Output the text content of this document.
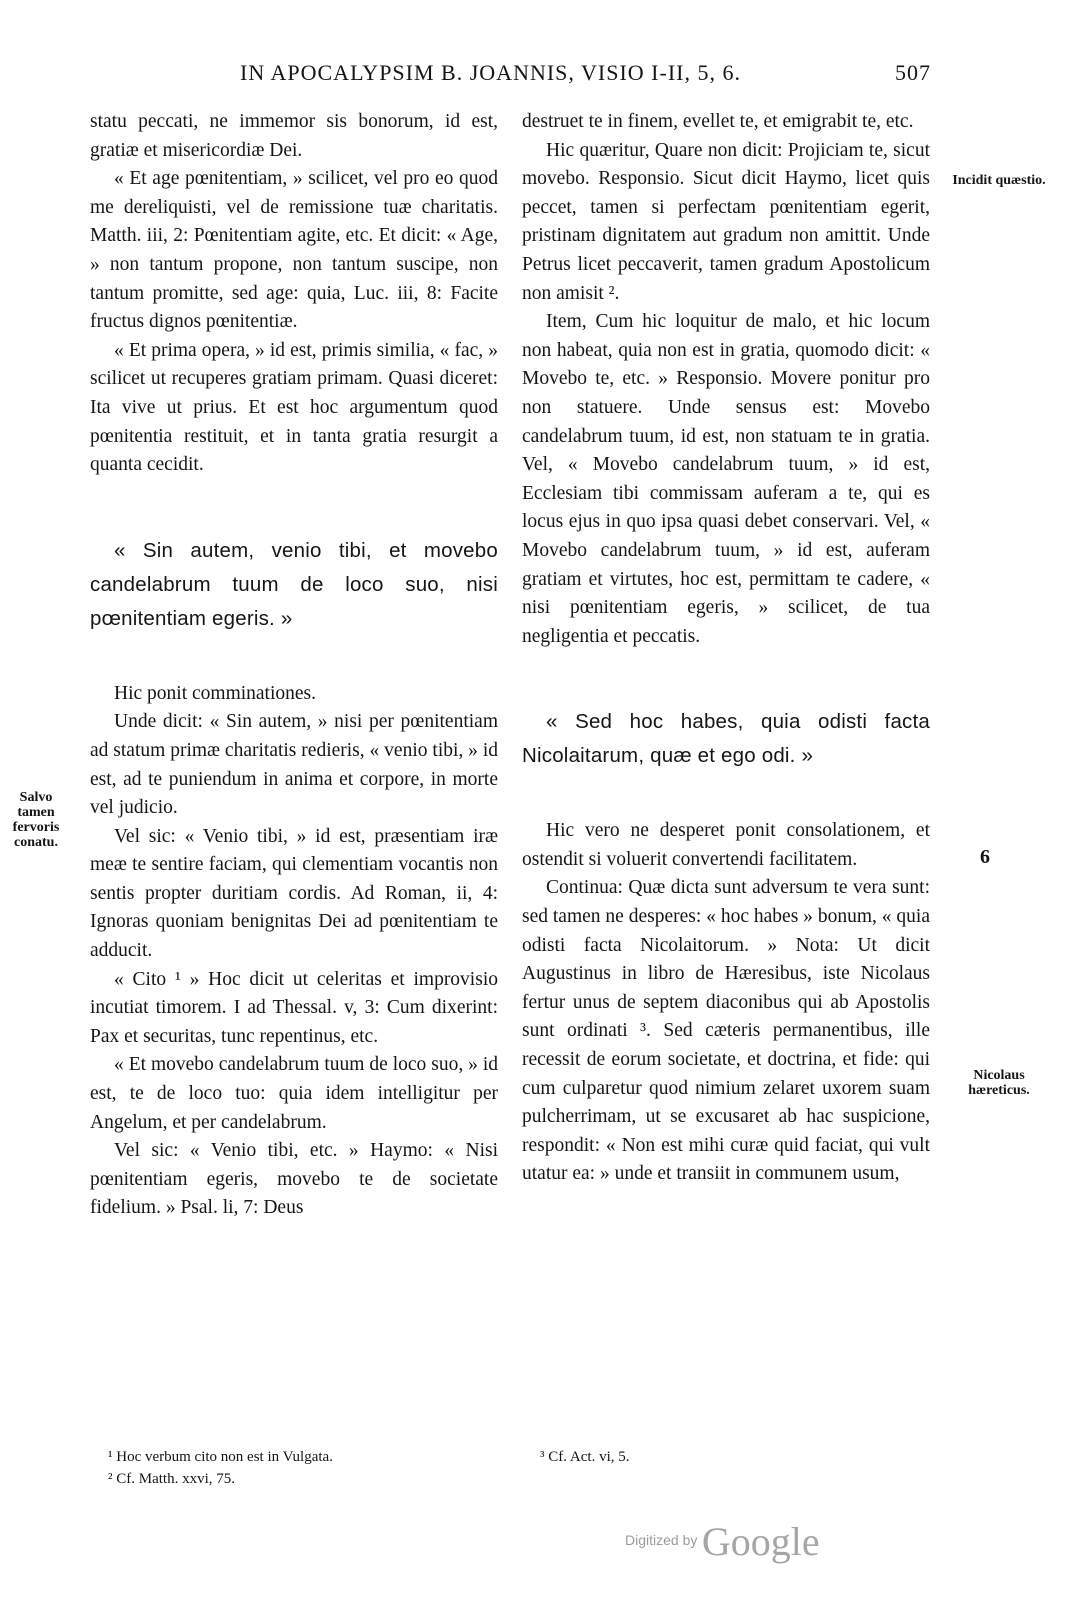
IN APOCALYPSIM B. JOANNIS, VISIO I-II, 5, 6.	507

statu peccati, ne immemor sis bonorum, id est, gratiæ et misericordiæ Dei.

« Et age pœnitentiam, » scilicet, vel pro eo quod me dereliquisti, vel de remissione tuæ charitatis. Matth. iii, 2: Pœnitentiam agite, etc. Et dicit: « Age, » non tantum propone, non tantum suscipe, non tantum promitte, sed age: quia, Luc. iii, 8: Facite fructus dignos pœnitentiæ.

« Et prima opera, » id est, primis similia, « fac, » scilicet ut recuperes gratiam primam. Quasi diceret: Ita vive ut prius. Et est hoc argumentum quod pœnitentia restituit, et in tanta gratia resurgit a quanta cecidit.

« Sin autem, venio tibi, et movebo candelabrum tuum de loco suo, nisi pœnitentiam egeris. »

Hic ponit comminationes.

Unde dicit: « Sin autem, » nisi per pœnitentiam ad statum primæ charitatis redieris, « venio tibi, » id est, ad te puniendum in anima et corpore, in morte vel judicio.

Vel sic: « Venio tibi, » id est, præsentiam iræ meæ te sentire faciam, qui clementiam vocantis non sentis propter duritiam cordis. Ad Roman, ii, 4: Ignoras quoniam benignitas Dei ad pœnitentiam te adducit.

« Cito ¹ » Hoc dicit ut celeritas et improvisio incutiat timorem. I ad Thessal. v, 3: Cum dixerint: Pax et securitas, tunc repentinus, etc.

« Et movebo candelabrum tuum de loco suo, » id est, te de loco tuo: quia idem intelligitur per Angelum, et per candelabrum.

Vel sic: « Venio tibi, etc. » Haymo: « Nisi pœnitentiam egeris, movebo te de societate fidelium. » Psal. li, 7: Deus

destruet te in finem, evellet te, et emigrabit te, etc.

Hic quæritur, Quare non dicit: Projiciam te, sicut movebo. Responsio. Sicut dicit Haymo, licet quis peccet, tamen si perfectam pœnitentiam egerit, pristinam dignitatem aut gradum non amittit. Unde Petrus licet peccaverit, tamen gradum Apostolicum non amisit ².

Item, Cum hic loquitur de malo, et hic locum non habeat, quia non est in gratia, quomodo dicit: « Movebo te, etc. » Responsio. Movere ponitur pro non statuere. Unde sensus est: Movebo candelabrum tuum, id est, non statuam te in gratia. Vel, « Movebo candelabrum tuum, » id est, Ecclesiam tibi commissam auferam a te, qui es locus ejus in quo ipsa quasi debet conservari. Vel, « Movebo candelabrum tuum, » id est, auferam gratiam et virtutes, hoc est, permittam te cadere, « nisi pœnitentiam egeris, » scilicet, de tua negligentia et peccatis.

« Sed hoc habes, quia odisti facta Nicolaitarum, quæ et ego odi. »

Hic vero ne desperet ponit consolationem, et ostendit si voluerit convertendi facilitatem.

Continua: Quæ dicta sunt adversum te vera sunt: sed tamen ne desperes: « hoc habes » bonum, « quia odisti facta Nicolaitorum. » Nota: Ut dicit Augustinus in libro de Hæresibus, iste Nicolaus fertur unus de septem diaconibus qui ab Apostolis sunt ordinati ³. Sed cæteris permanentibus, ille recessit de eorum societate, et doctrina, et fide: qui cum culparetur quod nimium zelaret uxorem suam pulcherrimam, ut se excusaret ab hac suspicione, respondit: « Non est mihi curæ quid faciat, qui vult utatur ea: » unde et transiit in communem usum,

Salvo tamen fervoris conatu.
Incidit quæstio.
6
Nicolaus hæreticus.
¹ Hoc verbum cito non est in Vulgata.
² Cf. Matth. xxvi, 75.
³ Cf. Act. vi, 5.
Digitized by Google
